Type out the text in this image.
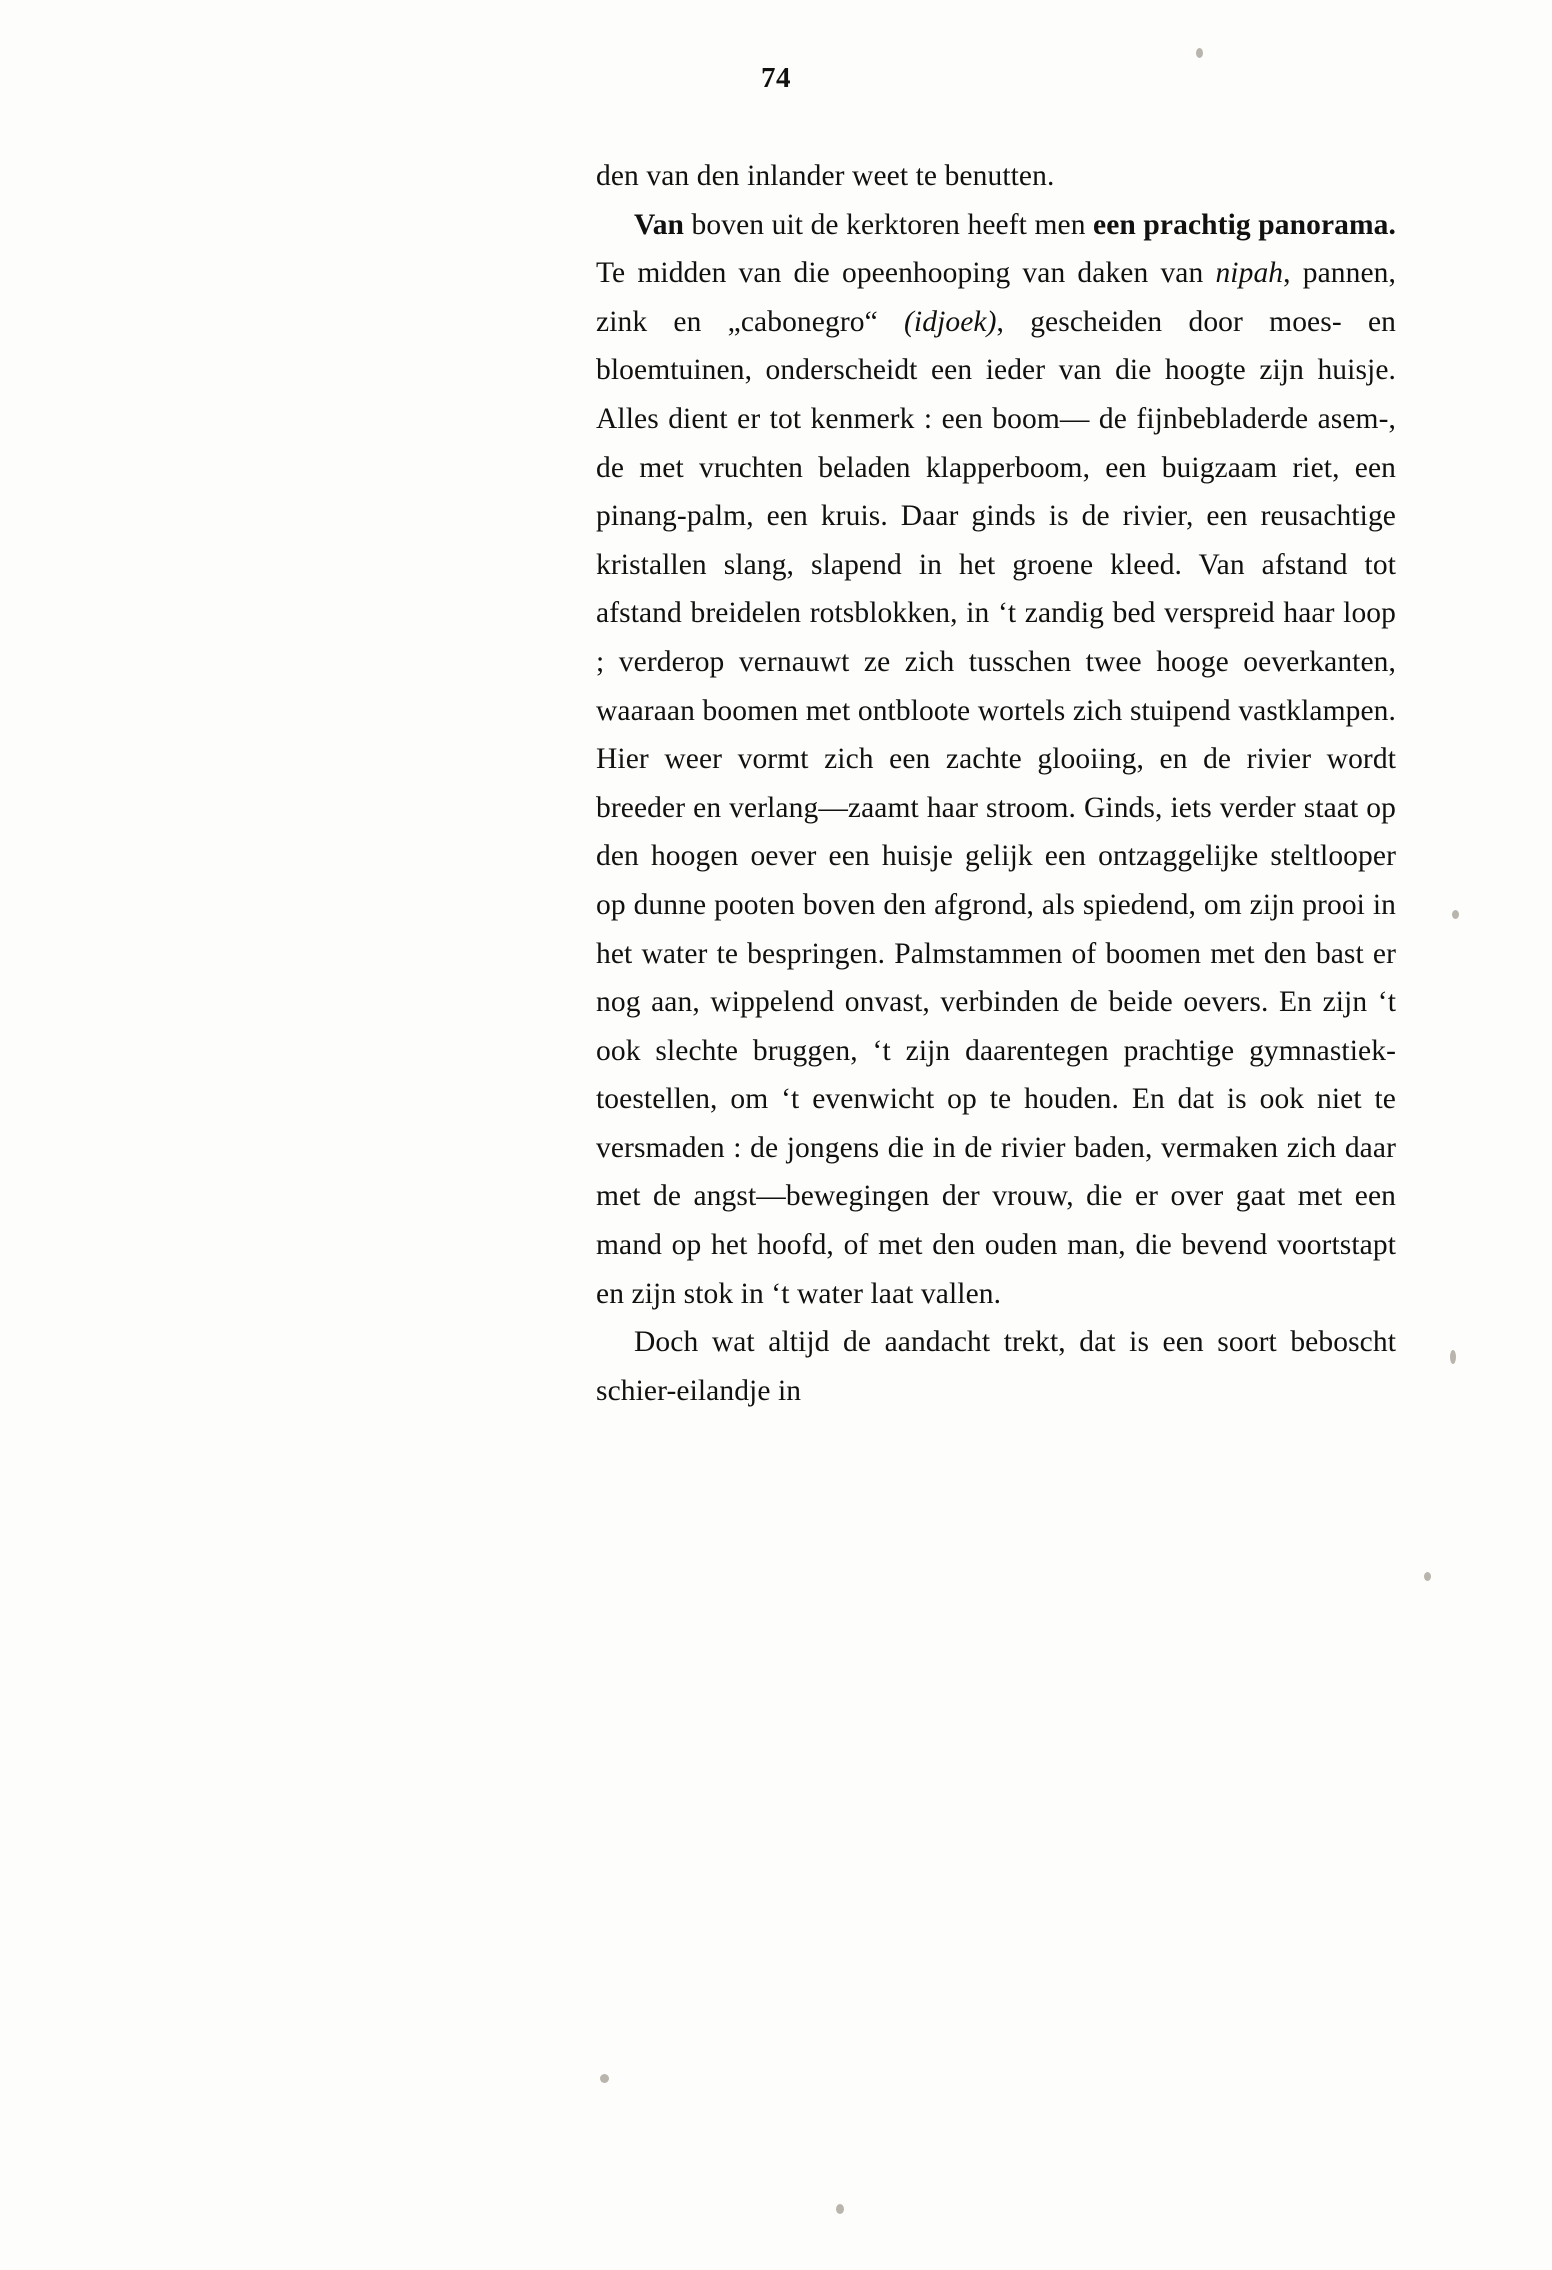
74

den van den inlander weet te benutten.

Van boven uit de kerktoren heeft men een prachtig panorama. Te midden van die opeenhooping van daken van nipah, pannen, zink en „cabonegro“ (idjoek), gescheiden door moes- en bloemtuinen, onderscheidt een ieder van die hoogte zijn huisje. Alles dient er tot kenmerk : een boom— de fijnbebladerde asem-, de met vruchten beladen klapperboom, een buigzaam riet, een pinang-palm, een kruis. Daar ginds is de rivier, een reusachtige kristallen slang, slapend in het groene kleed. Van afstand tot afstand breidelen rotsblokken, in ‘t zandig bed verspreid haar loop ; verderop vernauwt ze zich tusschen twee hooge oeverkanten, waaraan boomen met ontbloote wortels zich stuipend vastklampen. Hier weer vormt zich een zachte glooiing, en de rivier wordt breeder en verlang—zaamt haar stroom. Ginds, iets verder staat op den hoogen oever een huisje gelijk een ontzaggelijke steltlooper op dunne pooten boven den afgrond, als spiedend, om zijn prooi in het water te bespringen. Palmstammen of boomen met den bast er nog aan, wippelend onvast, verbinden de beide oevers. En zijn ‘t ook slechte bruggen, ‘t zijn daarentegen prachtige gymnastiek-toestellen, om ‘t evenwicht op te houden. En dat is ook niet te versmaden : de jongens die in de rivier baden, vermaken zich daar met de angst—bewegingen der vrouw, die er over gaat met een mand op het hoofd, of met den ouden man, die bevend voortstapt en zijn stok in ‘t water laat vallen.

Doch wat altijd de aandacht trekt, dat is een soort beboscht schier-eilandje in
